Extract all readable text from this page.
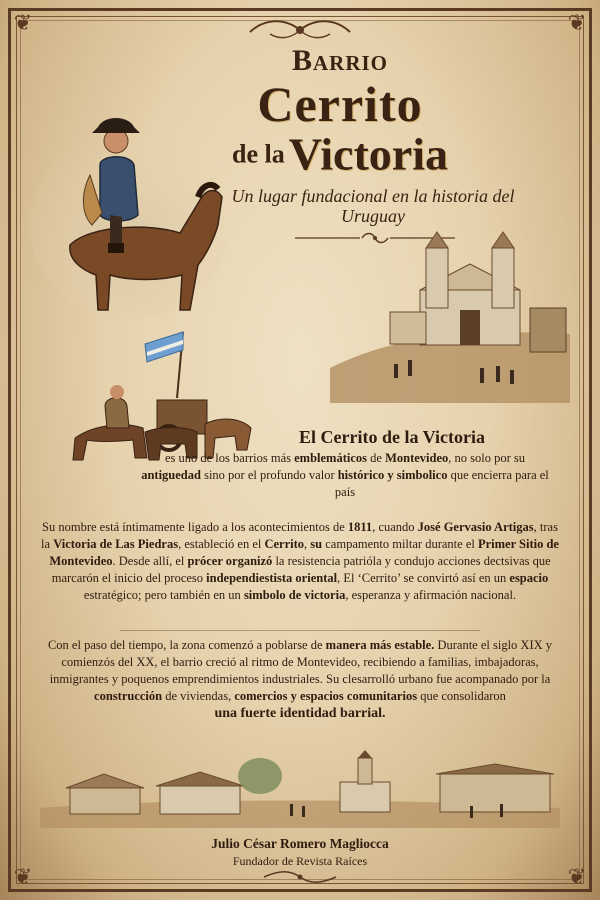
❦	❦
❦	❦
Barrio
Cerrito
de la Victoria
Un lugar fundacional en la historia del Uruguay
El Cerrito de la Victoria
es uno de los barrios más emblemáticos de Montevideo, no solo por su antiguedad sino por el profundo valor histórico y simbolico que encierra para el país
Su nombre está íntimamente ligado a los acontecimientos de 1811, cuando José Gervasio Artigas, tras la Victoria de Las Piedras, estableció en el Cerrito, su campamento miltar durante el Primer Sitio de Montevideo. Desde allí, el prócer organizó la resistencia patrióla y condujo acciones dectsivas que marcarón el inicio del proceso independiestista oriental, El ‘Cerrito’ se convirtó así en un espacio estratégico; pero también en un simbolo de victoria, esperanza y afirmación nacional.
Con el paso del tiempo, la zona comenzó a poblarse de manera más estable. Durante el siglo XIX y comienzós del XX, el barrio creció al ritmo de Montevideo, recibiendo a familias, imbajadoras, inmigrantes y poquenos emprendimientos industriales. Su clesarrolló urbano fue acompanado por la construcción de viviendas, comercios y espacios comunitarios que consolidaron
una fuerte identidad barrial.
Julio César Romero Magliocca
Fundador de Revista Raíces
